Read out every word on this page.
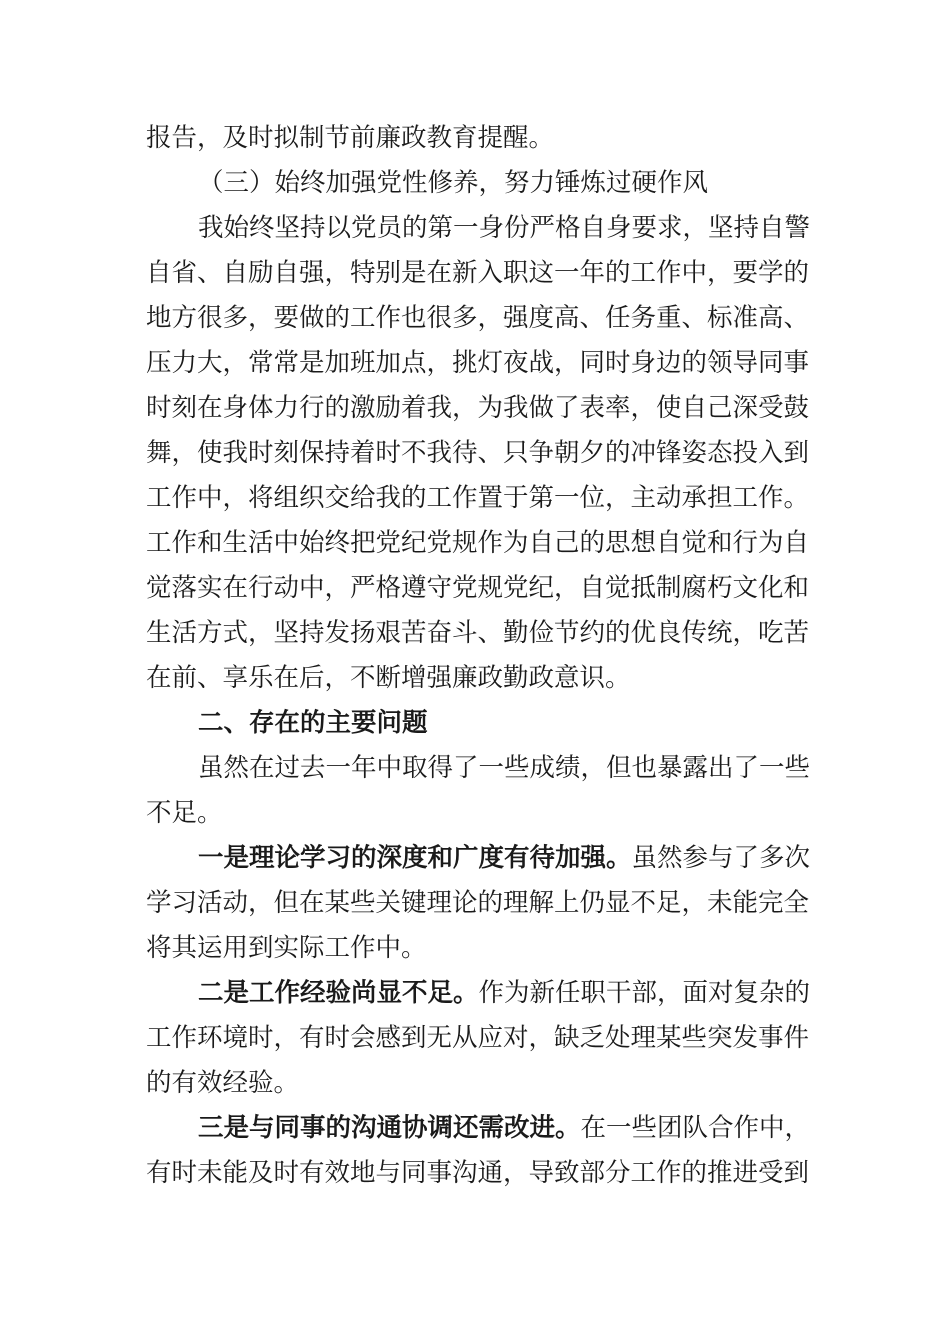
报告，及时拟制节前廉政教育提醒。
（三）始终加强党性修养，努力锤炼过硬作风
我始终坚持以党员的第一身份严格自身要求，坚持自警
自省、自励自强，特别是在新入职这一年的工作中，要学的
地方很多，要做的工作也很多，强度高、任务重、标准高、
压力大，常常是加班加点，挑灯夜战，同时身边的领导同事
时刻在身体力行的激励着我，为我做了表率，使自己深受鼓
舞，使我时刻保持着时不我待、只争朝夕的冲锋姿态投入到
工作中，将组织交给我的工作置于第一位，主动承担工作。
工作和生活中始终把党纪党规作为自己的思想自觉和行为自
觉落实在行动中，严格遵守党规党纪，自觉抵制腐朽文化和
生活方式，坚持发扬艰苦奋斗、勤俭节约的优良传统，吃苦
在前、享乐在后，不断增强廉政勤政意识。
二、存在的主要问题
虽然在过去一年中取得了一些成绩，但也暴露出了一些
不足。
一是理论学习的深度和广度有待加强。虽然参与了多次
学习活动，但在某些关键理论的理解上仍显不足，未能完全
将其运用到实际工作中。
二是工作经验尚显不足。作为新任职干部，面对复杂的
工作环境时，有时会感到无从应对，缺乏处理某些突发事件
的有效经验。
三是与同事的沟通协调还需改进。在一些团队合作中，
有时未能及时有效地与同事沟通，导致部分工作的推进受到
